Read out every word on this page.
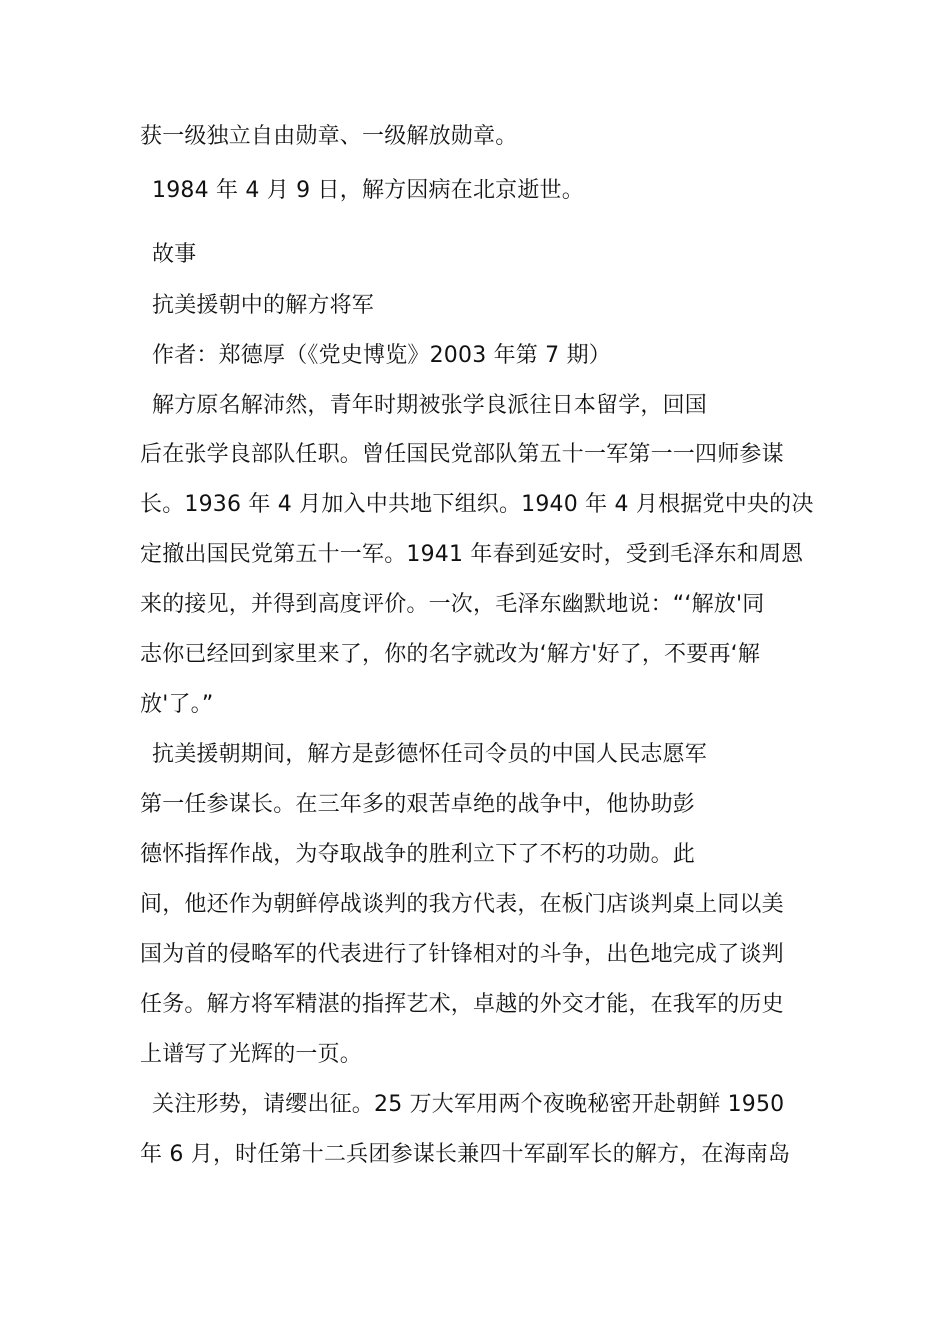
获一级独立自由勋章、一级解放勋章。
1984 年 4 月 9 日，解方因病在北京逝世。
故事
抗美援朝中的解方将军
作者：郑德厚（《党史博览》2003 年第 7 期）
解方原名解沛然，青年时期被张学良派往日本留学，回国
后在张学良部队任职。曾任国民党部队第五十一军第一一四师参谋
长。1936 年 4 月加入中共地下组织。1940 年 4 月根据党中央的决
定撤出国民党第五十一军。1941 年春到延安时，受到毛泽东和周恩
来的接见，并得到高度评价。一次，毛泽东幽默地说：“‘解放'同
志你已经回到家里来了，你的名字就改为‘解方'好了，不要再‘解
放'了。”
抗美援朝期间，解方是彭德怀任司令员的中国人民志愿军
第一任参谋长。在三年多的艰苦卓绝的战争中，他协助彭
德怀指挥作战，为夺取战争的胜利立下了不朽的功勋。此
间，他还作为朝鲜停战谈判的我方代表，在板门店谈判桌上同以美
国为首的侵略军的代表进行了针锋相对的斗争，出色地完成了谈判
任务。解方将军精湛的指挥艺术，卓越的外交才能，在我军的历史
上谱写了光辉的一页。
关注形势，请缨出征。25 万大军用两个夜晚秘密开赴朝鲜 1950
年 6 月，时任第十二兵团参谋长兼四十军副军长的解方，在海南岛
